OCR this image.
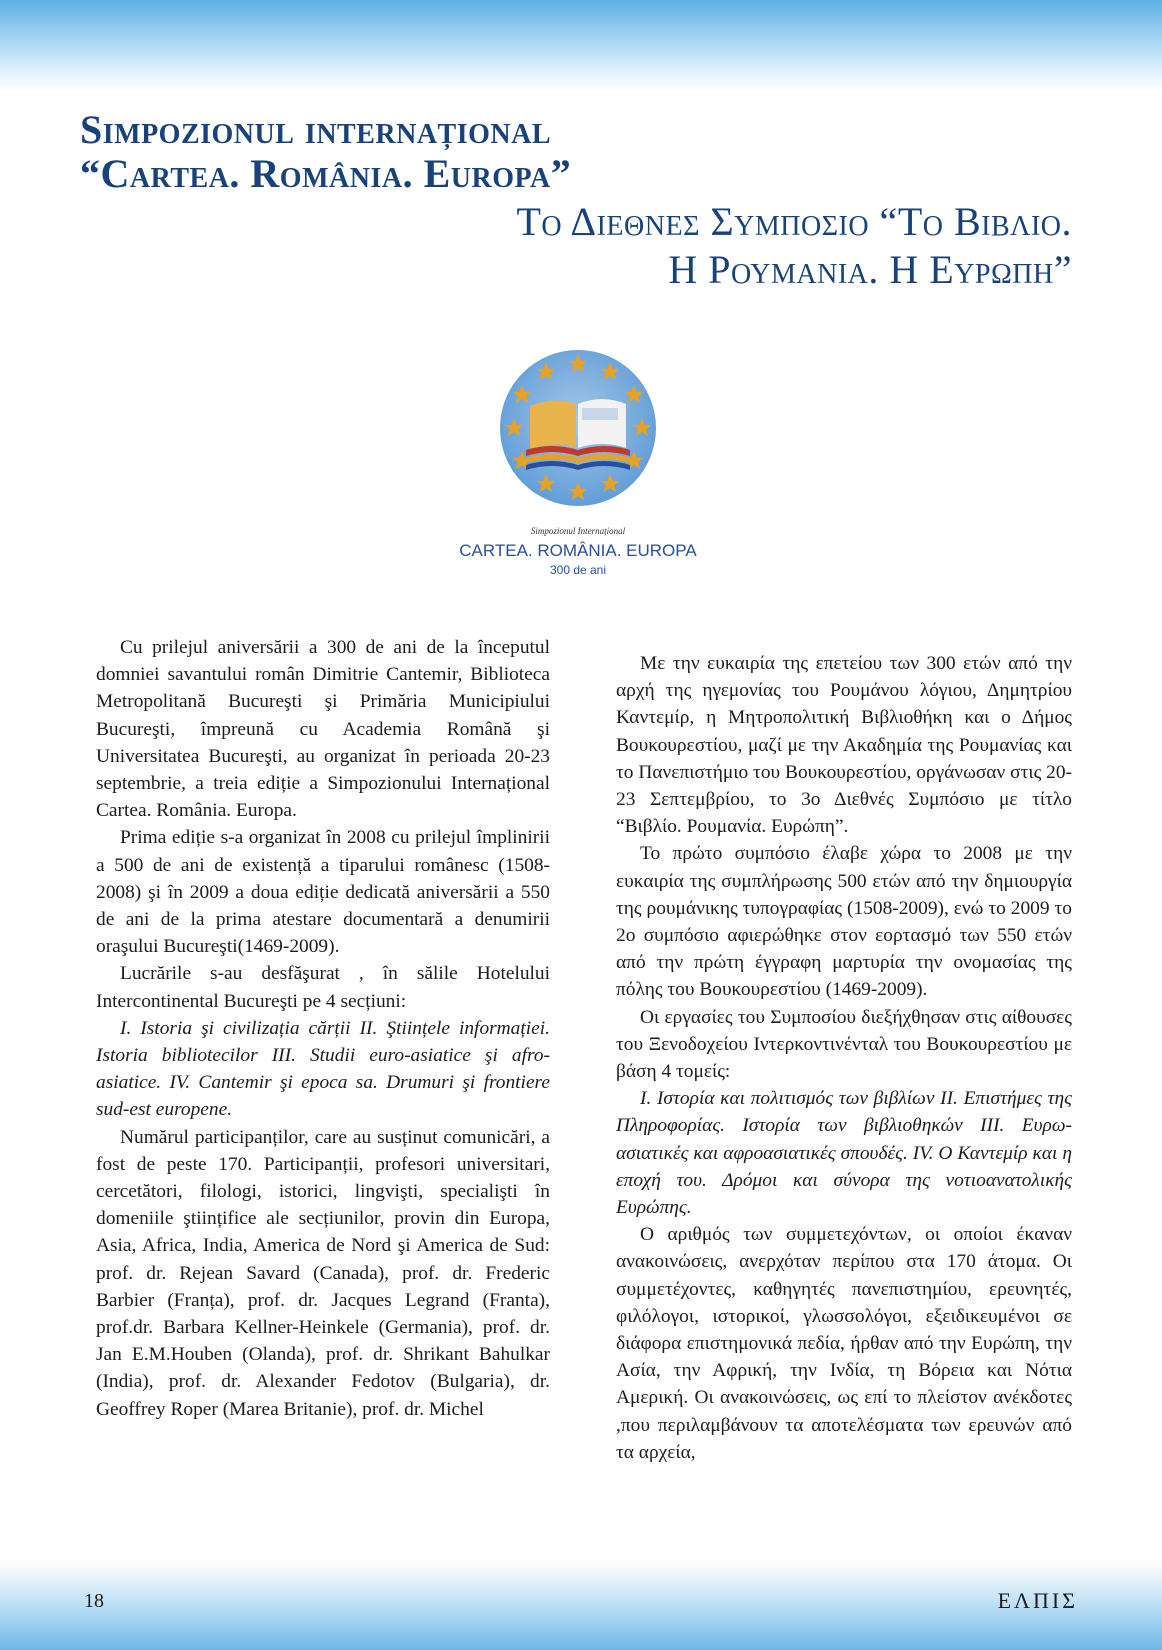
Simpozionul internațional
“Cartea. România. Europa”
Το Διεθνες Συμποσιο “Το Βιβλιο.
Η Ρουμανια. Η Ευρωπη”
Simpozionul Internațional
CARTEA. ROMÂNIA. EUROPA
300 de ani

Cu prilejul aniversării a 300 de ani de la începutul domniei savantului român Dimitrie Cantemir, Biblioteca Metropolitană Bucureşti şi Primăria Municipiului Bucureşti, împreună cu Academia Română şi Universitatea Bucureşti, au organizat în perioada 20-23 septembrie, a treia ediție a Simpozionului Internațional Cartea. România. Europa.

Prima ediție s-a organizat în 2008 cu prilejul împlinirii a 500 de ani de existență a tiparului românesc (1508-2008) şi în 2009 a doua ediție dedicată aniversării a 550 de ani de la prima atestare documentară a denumirii oraşului Bucureşti(1469-2009).

Lucrările s-au desfăşurat , în sălile Hotelului Intercontinental Bucureşti pe 4 secțiuni:

I. Istoria şi civilizația cărții II. Ştiințele informației. Istoria bibliotecilor III. Studii euro-asiatice şi afro-asiatice. IV. Cantemir şi epoca sa. Drumuri şi frontiere sud-est europene.

Numărul participanților, care au susținut comunicări, a fost de peste 170. Participanții, profesori universitari, cercetători, filologi, istorici, lingvişti, specialişti în domeniile ştiințifice ale secțiunilor, provin din Europa, Asia, Africa, India, America de Nord şi America de Sud: prof. dr. Rejean Savard (Canada), prof. dr. Frederic Barbier (Franța), prof. dr. Jacques Legrand (Franta), prof.dr. Barbara Kellner-Heinkele (Germania), prof. dr. Jan E.M.Houben (Olanda), prof. dr. Shrikant Bahulkar (India), prof. dr. Alexander Fedotov (Bulgaria), dr. Geoffrey Roper (Marea Britanie), prof. dr. Michel

Με την ευκαιρία της επετείου των 300 ετών από την αρχή της ηγεμονίας του Ρουμάνου λόγιου, Δημητρίου Καντεμίρ, η Μητροπολιτική Βιβλιοθήκη και ο Δήμος Βουκουρεστίου, μαζί με την Ακαδημία της Ρουμανίας και το Πανεπιστήμιο του Βουκουρεστίου, οργάνωσαν στις 20-23 Σεπτεμβρίου, το 3ο Διεθνές Συμπόσιο με τίτλο “Βιβλίο. Ρουμανία. Ευρώπη”.

Το πρώτο συμπόσιο έλαβε χώρα το 2008 με την ευκαιρία της συμπλήρωσης 500 ετών από την δημιουργία της ρουμάνικης τυπογραφίας (1508-2009), ενώ το 2009 το 2ο συμπόσιο αφιερώθηκε στον εορτασμό των 550 ετών από την πρώτη έγγραφη μαρτυρία την ονομασίας της πόλης του Βουκουρεστίου (1469-2009).

Οι εργασίες του Συμποσίου διεξήχθησαν στις αίθουσες του Ξενοδοχείου Ιντερκοντινένταλ του Βουκουρεστίου με βάση 4 τομείς:

I. Ιστορία και πολιτισμός των βιβλίων II. Επιστήμες της Πληροφορίας. Ιστορία των βιβλιοθηκών III. Ευρω-ασιατικές και αφροασιατικές σπουδές. IV. Ο Καντεμίρ και η εποχή του. Δρόμοι και σύνορα της νοτιοανατολικής Ευρώπης.

Ο αριθμός των συμμετεχόντων, οι οποίοι έκαναν ανακοινώσεις, ανερχόταν περίπου στα 170 άτομα. Οι συμμετέχοντες, καθηγητές πανεπιστημίου, ερευνητές, φιλόλογοι, ιστορικοί, γλωσσολόγοι, εξειδικευμένοι σε διάφορα επιστημονικά πεδία, ήρθαν από την Ευρώπη, την Ασία, την Αφρική, την Ινδία, τη Βόρεια και Νότια Αμερική. Οι ανακοινώσεις, ως επί το πλείστον ανέκδοτες ,που περιλαμβάνουν τα αποτελέσματα των ερευνών από τα αρχεία,

18	ΕΛΠΙΣ
